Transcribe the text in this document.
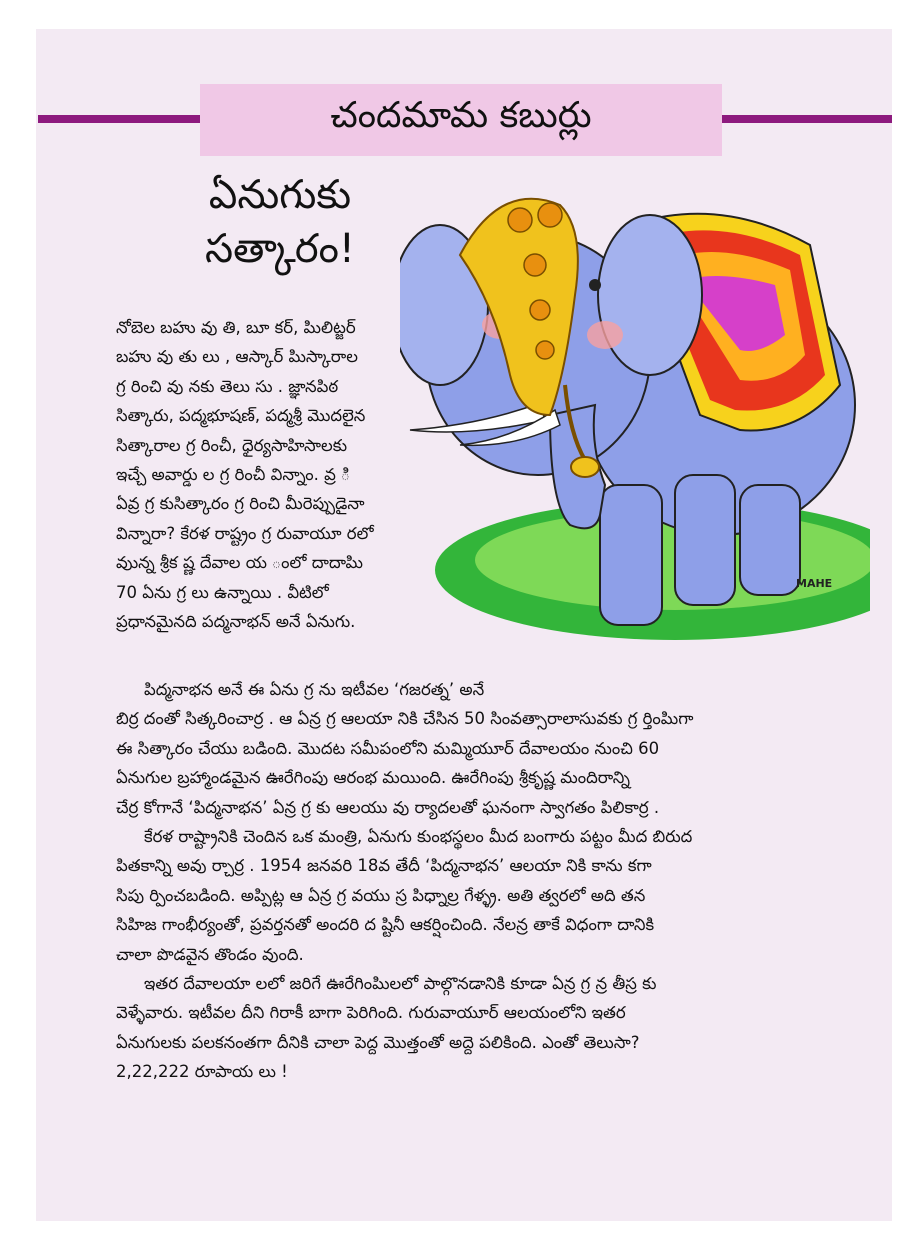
చందమామ కబుర్లు
ఏనుగుకు
సత్కారం!
MAHE

నోబెల బహు వు తి, బూ కర్, పిులిట్జర్

బహు వు తు లు , ఆస్కార్ పిుస్కారాల

గ్ర రించి వు నకు తెలు సు . జ్ఞానపిఠ

సిత్కారు, పద్మభూషణ్, పద్మశ్రీ మొదలైన

సిత్కారాల గ్ర రించీ, ధైర్యసాహిసాలకు

ఇచ్చే అవార్డు ల గ్ర రించీ విన్నాం. వ్ర ి

ఏవ్ర గ్ర కుసిత్కారం గ్ర రించి మీరెప్పుడైనా

విన్నారా? కేరళ రాష్ట్రం గ్ర రువాయూ రలో

వుున్న శ్రీక ష్ణ దేవాల య ంలో దాదాపిు

70 ఏను గ్ర లు ఉన్నాయి . వీటిలో

ప్రధానమైనది పద్మనాభన్ అనే ఏనుగు.

పిద్మనాభన అనే ఈ ఏను గ్ర ను ఇటీవల ‘గజరత్న’ అనే

బిర్ర దంతో సిత్కరించార్ర . ఆ ఏన్ర గ్ర ఆలయా నికి చేసిన 50 సింవత్సారాలాసువకు గ్ర ర్తింపిుగా

ఈ సిత్కారం చేయు బడింది. మొదట సమీపంలోని మమ్మియూర్ దేవాలయం నుంచి 60

ఏనుగుల బ్రహ్మాండమైన ఊరేగింపు ఆరంభ మయింది. ఊరేగింపు శ్రీకృష్ణ మందిరాన్ని

చేర్ర కోగానే ‘పిద్మనాభన’ ఏన్ర గ్ర కు ఆలయు వు ర్యాదలతో ఘనంగా స్వాగతం పిలికార్ర .

కేరళ రాష్ట్రానికి చెందిన ఒక మంత్రి, ఏనుగు కుంభస్థలం మీద బంగారు పట్టం మీద బిరుద

పితకాన్ని అవు ర్చార్ర . 1954 జనవరి 18వ తేదీ ‘పిద్మనాభన’ ఆలయా నికి కాను కగా

సిపు ర్పించబడింది. అప్పిట్ల ఆ ఏన్ర గ్ర వయు స్ర పిధ్నాల్ర గేళ్ళ్ర. అతి త్వరలో అది తన

సిహిజ గాంభీర్యంతో, ప్రవర్తనతో అందరి ద ష్టినీ ఆకర్షించింది. నేలన్ర తాకే విధంగా దానికి

చాలా పొడవైన తొండం వుంది.

ఇతర దేవాలయా లలో జరిగే ఊరేగింపిులలో పాల్గొనడానికి కూడా ఏన్ర గ్ర న్ర తీస్ర కు

వెళ్ళేవారు. ఇటీవల దీని గిరాకీ బాగా పెరిగింది. గురువాయూర్ ఆలయంలోని ఇతర

ఏనుగులకు పలకనంతగా దీనికి చాలా పెద్ద మొత్తంతో అద్దె పలికింది. ఎంతో తెలుసా?

2,22,222 రూపాయ లు !
